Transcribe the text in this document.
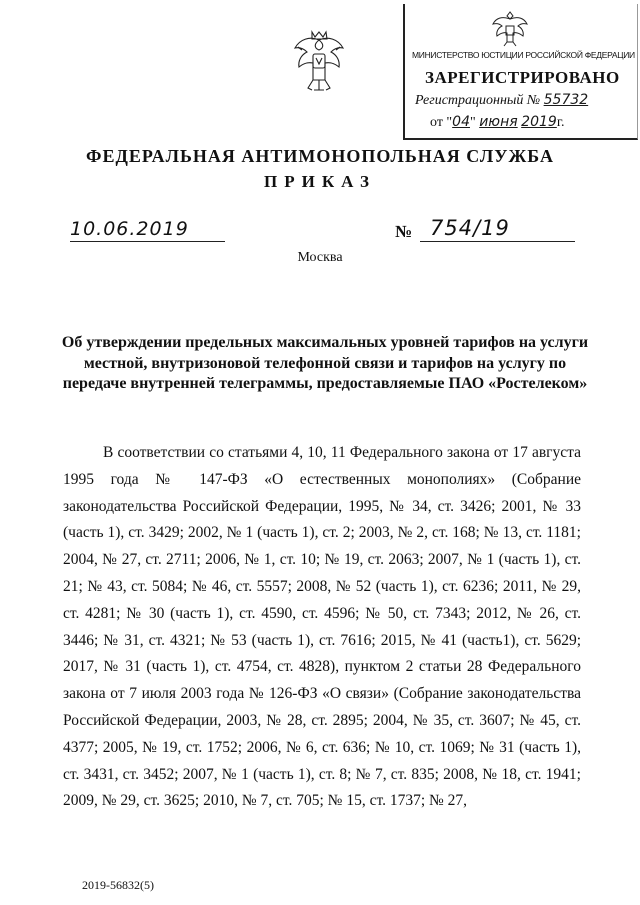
МИНИСТЕРСТВО ЮСТИЦИИ РОССИЙСКОЙ ФЕДЕРАЦИИ
ЗАРЕГИСТРИРОВАНО
Регистрационный № 55732
от "04" июня 2019г.
ФЕДЕРАЛЬНАЯ АНТИМОНОПОЛЬНАЯ СЛУЖБА
ПРИКАЗ
10.06.2019	№ 754/19
Москва
Об утверждении предельных максимальных уровней тарифов на услуги местной, внутризоновой телефонной связи и тарифов на услугу по передаче внутренней телеграммы, предоставляемые ПАО «Ростелеком»

В соответствии со статьями 4, 10, 11 Федерального закона от 17 августа 1995 года № 147-ФЗ «О естественных монополиях» (Собрание законодательства Российской Федерации, 1995, № 34, ст. 3426; 2001, № 33 (часть 1), ст. 3429; 2002, № 1 (часть 1), ст. 2; 2003, № 2, ст. 168; № 13, ст. 1181; 2004, № 27, ст. 2711; 2006, № 1, ст. 10; № 19, ст. 2063; 2007, № 1 (часть 1), ст. 21; № 43, ст. 5084; № 46, ст. 5557; 2008, № 52 (часть 1), ст. 6236; 2011, № 29, ст. 4281; № 30 (часть 1), ст. 4590, ст. 4596; № 50, ст. 7343; 2012, № 26, ст. 3446; № 31, ст. 4321; № 53 (часть 1), ст. 7616; 2015, № 41 (часть1), ст. 5629; 2017, № 31 (часть 1), ст. 4754, ст. 4828), пунктом 2 статьи 28 Федерального закона от 7 июля 2003 года № 126-ФЗ «О связи» (Собрание законодательства Российской Федерации, 2003, № 28, ст. 2895; 2004, № 35, ст. 3607; № 45, ст. 4377; 2005, № 19, ст. 1752; 2006, № 6, ст. 636; № 10, ст. 1069; № 31 (часть 1), ст. 3431, ст. 3452; 2007, № 1 (часть 1), ст. 8; № 7, ст. 835; 2008, № 18, ст. 1941; 2009, № 29, ст. 3625; 2010, № 7, ст. 705; № 15, ст. 1737; № 27,

2019-56832(5)
